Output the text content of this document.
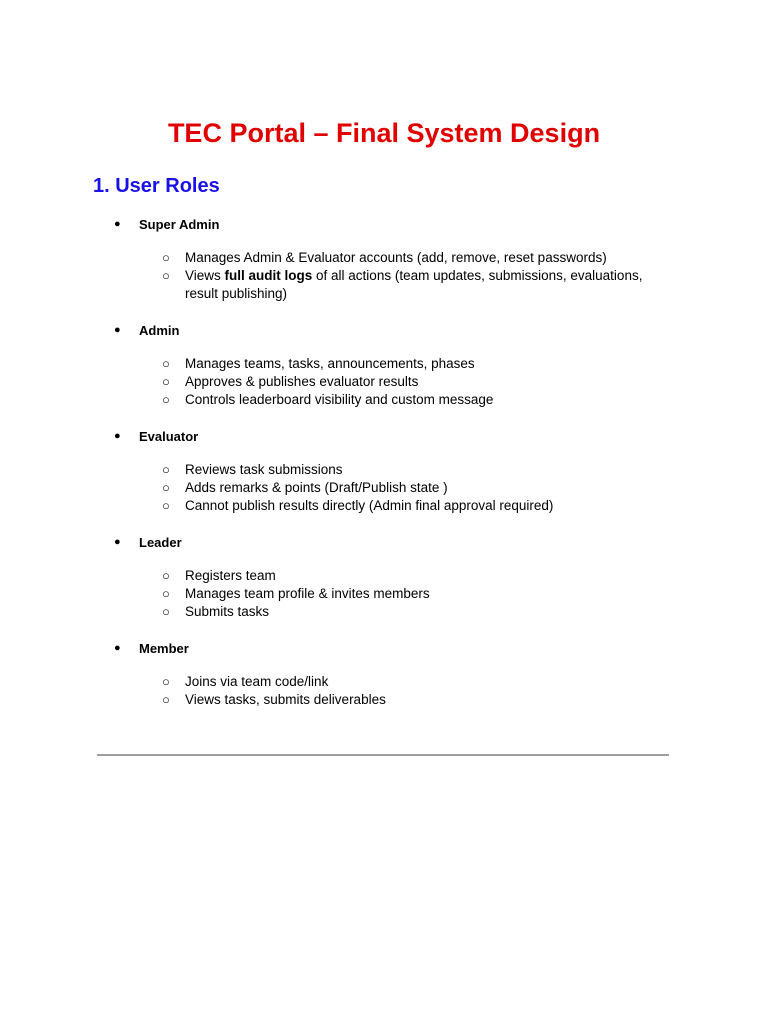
TEC Portal – Final System Design
1. User Roles
● Super Admin
○ Manages Admin & Evaluator accounts (add, remove, reset passwords)
○ Views full audit logs of all actions (team updates, submissions, evaluations, result publishing)
● Admin
○ Manages teams, tasks, announcements, phases
○ Approves & publishes evaluator results
○ Controls leaderboard visibility and custom message
● Evaluator
○ Reviews task submissions
○ Adds remarks & points (Draft/Publish state )
○ Cannot publish results directly (Admin final approval required)
● Leader
○ Registers team
○ Manages team profile & invites members
○ Submits tasks
● Member
○ Joins via team code/link
○ Views tasks, submits deliverables
